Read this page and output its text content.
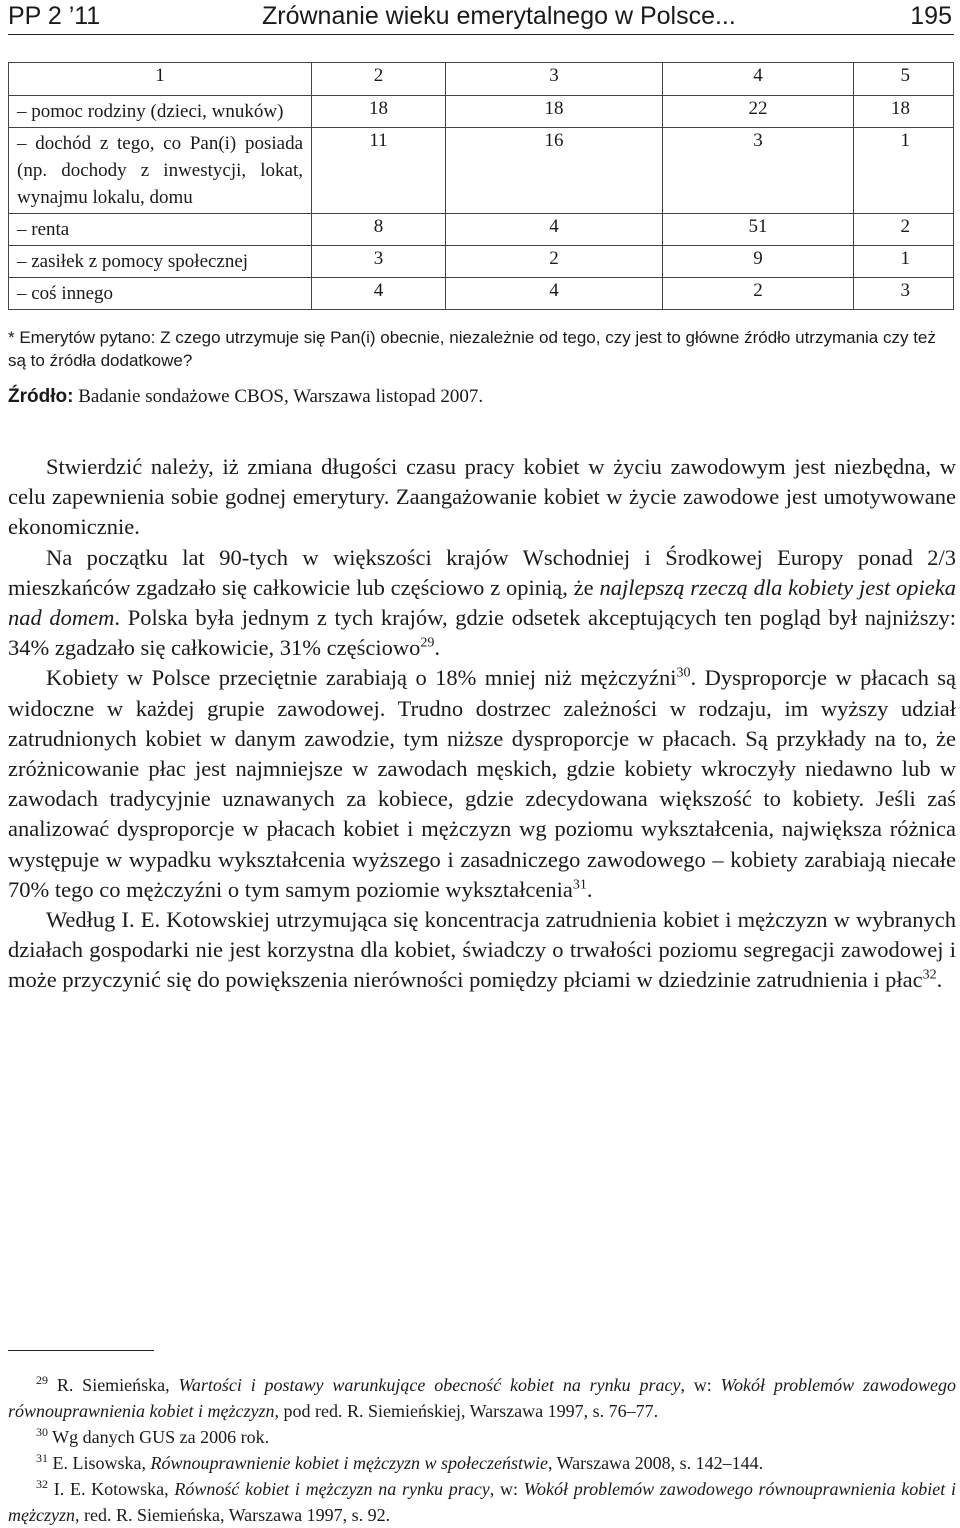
PP 2 ’11	Zrównanie wieku emerytalnego w Polsce...	195
1	2	3	4	5
– pomoc rodziny (dzieci, wnuków)	18	18	22	18
– dochód z tego, co Pan(i) posiada (np. dochody z inwestycji, lokat, wynajmu lokalu, domu	11	16	3	1
– renta	8	4	51	2
– zasiłek z pomocy społecznej	3	2	9	1
– coś innego	4	4	2	3
* Emerytów pytano: Z czego utrzymuje się Pan(i) obecnie, niezależnie od tego, czy jest to główne źródło utrzymania czy też są to źródła dodatkowe?
Źródło: Badanie sondażowe CBOS, Warszawa listopad 2007.

Stwierdzić należy, iż zmiana długości czasu pracy kobiet w życiu zawodowym jest niezbędna, w celu zapewnienia sobie godnej emerytury. Zaangażowanie kobiet w życie zawodowe jest umotywowane ekonomicznie.

Na początku lat 90-tych w większości krajów Wschodniej i Środkowej Europy ponad 2/3 mieszkańców zgadzało się całkowicie lub częściowo z opinią, że najlepszą rzeczą dla kobiety jest opieka nad domem. Polska była jednym z tych krajów, gdzie odsetek akceptujących ten pogląd był najniższy: 34% zgadzało się całkowicie, 31% częściowo$^{29}$.

Kobiety w Polsce przeciętnie zarabiają o 18% mniej niż mężczyźni$^{30}$. Dysproporcje w płacach są widoczne w każdej grupie zawodowej. Trudno dostrzec zależności w rodzaju, im wyższy udział zatrudnionych kobiet w danym zawodzie, tym niższe dysproporcje w płacach. Są przykłady na to, że zróżnicowanie płac jest najmniejsze w zawodach męskich, gdzie kobiety wkroczyły niedawno lub w zawodach tradycyjnie uznawanych za kobiece, gdzie zdecydowana większość to kobiety. Jeśli zaś analizować dysproporcje w płacach kobiet i mężczyzn wg poziomu wykształcenia, największa różnica występuje w wypadku wykształcenia wyższego i zasadniczego zawodowego – kobiety zarabiają niecałe 70% tego co mężczyźni o tym samym poziomie wykształcenia$^{31}$.

Według I. E. Kotowskiej utrzymująca się koncentracja zatrudnienia kobiet i mężczyzn w wybranych działach gospodarki nie jest korzystna dla kobiet, świadczy o trwałości poziomu segregacji zawodowej i może przyczynić się do powiększenia nierówności pomiędzy płciami w dziedzinie zatrudnienia i płac$^{32}$.

$^{29}$ R. Siemieńska, Wartości i postawy warunkujące obecność kobiet na rynku pracy, w: Wokół problemów zawodowego równouprawnienia kobiet i mężczyzn, pod red. R. Siemieńskiej, Warszawa 1997, s. 76–77.

$^{30}$ Wg danych GUS za 2006 rok.

$^{31}$ E. Lisowska, Równouprawnienie kobiet i mężczyzn w społeczeństwie, Warszawa 2008, s. 142–144.

$^{32}$ I. E. Kotowska, Równość kobiet i mężczyzn na rynku pracy, w: Wokół problemów zawodowego równouprawnienia kobiet i mężczyzn, red. R. Siemieńska, Warszawa 1997, s. 92.
